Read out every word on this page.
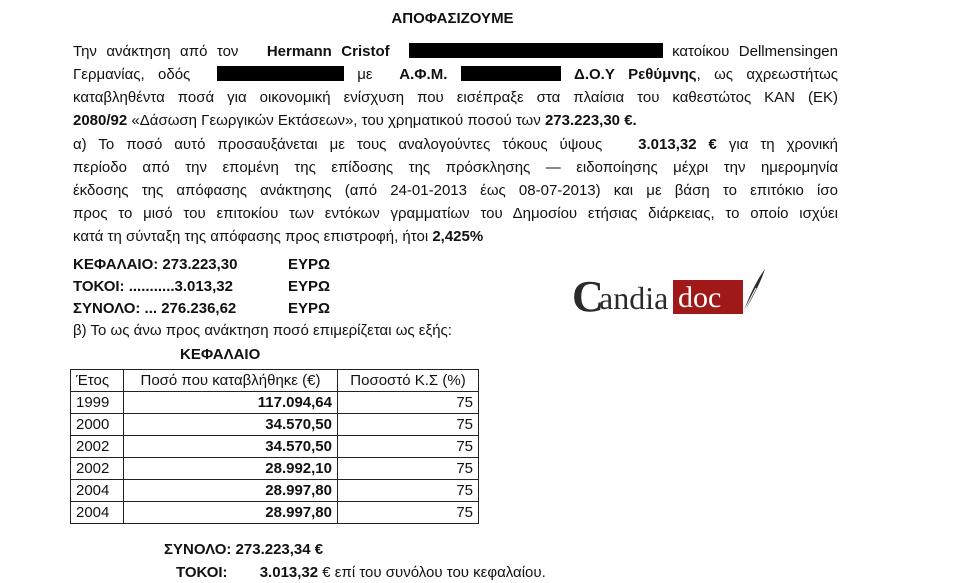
ΑΠΟΦΑΣΙΖΟΥΜΕ
Την ανάκτηση από τον Hermann Cristof	κατοίκου Dellmensingen
Γερμανίας, οδός	με Α.Φ.Μ.	Δ.Ο.Υ Ρεθύμνης, ως αχρεωστήτως
καταβληθέντα ποσά για οικονομική ενίσχυση που εισέπραξε στα πλαίσια του καθεστώτος ΚΑΝ (ΕΚ)
2080/92 «Δάσωση Γεωργικών Εκτάσεων», του χρηματικού ποσού των 273.223,30 €.
α) Το ποσό αυτό προσαυξάνεται με τους αναλογούντες τόκους ύψους 3.013,32 € για τη χρονική
περίοδο από την επομένη της επίδοσης της πρόσκλησης — ειδοποίησης μέχρι την ημερομηνία
έκδοσης της απόφασης ανάκτησης (από 24-01-2013 έως 08-07-2013) και με βάση το επιτόκιο ίσο
προς το μισό του επιτοκίου των εντόκων γραμματίων του Δημοσίου ετήσιας διάρκειας, το οποίο ισχύει
κατά τη σύνταξη της απόφασης προς επιστροφή, ήτοι 2,425%
ΚΕΦΑΛΑΙΟ: 273.223,30	ΕΥΡΩ
ΤΟΚΟΙ: ...........3.013,32	ΕΥΡΩ
ΣΥΝΟΛΟ: ... 276.236,62	ΕΥΡΩ	C
andia doc
β) Το ως άνω προς ανάκτηση ποσό επιμερίζεται ως εξής:
ΚΕΦΑΛΑΙΟ
Έτος	Ποσό που καταβλήθηκε (€)	Ποσοστό Κ.Σ (%)
1999	117.094,64	75
2000	34.570,50	75
2002	34.570,50	75
2002	28.992,10	75
2004	28.997,80	75
2004	28.997,80	75
ΣΥΝΟΛΟ: 273.223,34 €
ΤΟΚΟΙ: 3.013,32 € επί του συνόλου του κεφαλαίου.
